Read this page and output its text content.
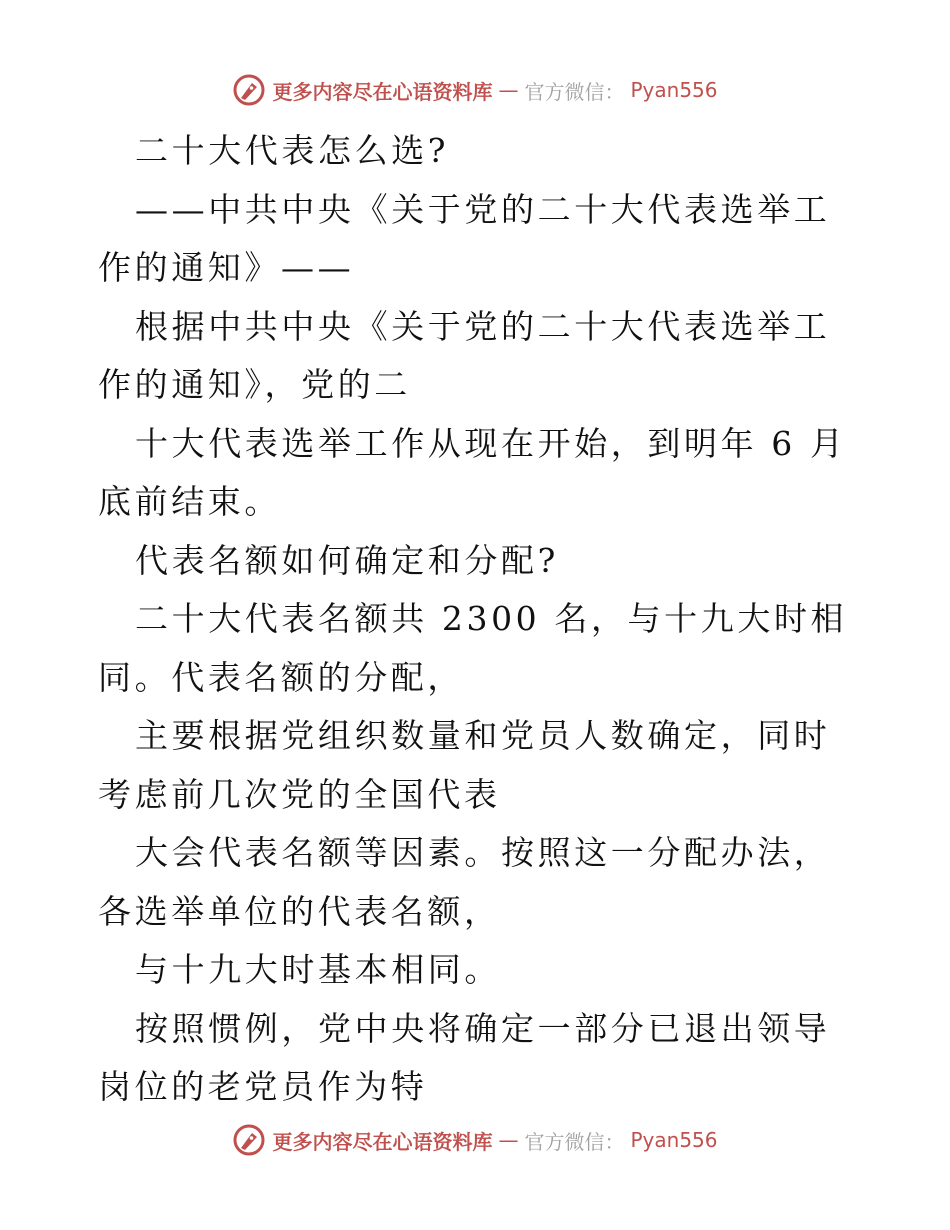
更多内容尽在心语资料库 — 官方微信： Pyan556

二十大代表怎么选?

——中共中央《关于党的二十大代表选举工作的通知》——

根据中共中央《关于党的二十大代表选举工作的通知》，党的二

十大代表选举工作从现在开始，到明年 6 月底前结束。

代表名额如何确定和分配?

二十大代表名额共 2300 名，与十九大时相同。代表名额的分配，

主要根据党组织数量和党员人数确定，同时考虑前几次党的全国代表

大会代表名额等因素。按照这一分配办法，各选举单位的代表名额，

与十九大时基本相同。

按照惯例，党中央将确定一部分已退出领导岗位的老党员作为特

更多内容尽在心语资料库 — 官方微信： Pyan556
